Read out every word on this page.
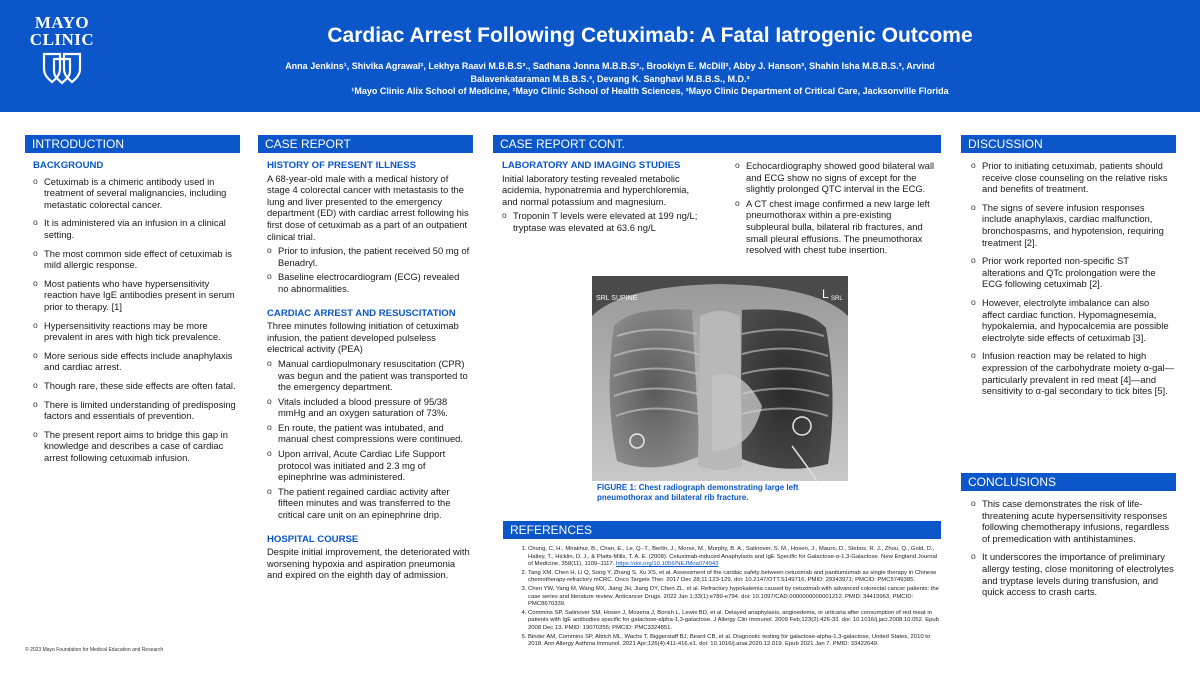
MAYO
CLINIC	Cardiac Arrest Following Cetuximab: A Fatal Iatrogenic Outcome
Anna Jenkins¹, Shivika Agrawal², Lekhya Raavi M.B.B.S³., Sadhana Jonna M.B.B.S³., Brookiyn E. McDill², Abby J. Hanson³, Shahin Isha M.B.B.S.³, Arvind Balavenkataraman M.B.B.S.³, Devang K. Sanghavi M.B.B.S., M.D.³
¹Mayo Clinic Alix School of Medicine, ²Mayo Clinic School of Health Sciences, ³Mayo Clinic Department of Critical Care, Jacksonville Florida
INTRODUCTION
BACKGROUND
o Cetuximab is a chimeric antibody used in treatment of several malignancies, including metastatic colorectal cancer.
o It is administered via an infusion in a clinical setting.
o The most common side effect of cetuximab is mild allergic response.
o Most patients who have hypersensitivity reaction have IgE antibodies present in serum prior to therapy. [1]
o Hypersensitivity reactions may be more prevalent in ares with high tick prevalence.
o More serious side effects include anaphylaxis and cardiac arrest.
o Though rare, these side effects are often fatal.
o There is limited understanding of predisposing factors and essentials of prevention.
o The present report aims to bridge this gap in knowledge and describes a case of cardiac arrest following cetuximab infusion.
CASE REPORT
HISTORY OF PRESENT ILLNESS
A 68-year-old male with a medical history of stage 4 colorectal cancer with metastasis to the lung and liver presented to the emergency department (ED) with cardiac arrest following his first dose of cetuximab as a part of an outpatient clinical trial.
o Prior to infusion, the patient received 50 mg of Benadryl.
o Baseline electrocardiogram (ECG) revealed no abnormalities.
CARDIAC ARREST AND RESUSCITATION
Three minutes following initiation of cetuximab infusion, the patient developed pulseless electrical activity (PEA)
o Manual cardiopulmonary resuscitation (CPR) was begun and the patient was transported to the emergency department.
o Vitals included a blood pressure of 95/38 mmHg and an oxygen saturation of 73%.
o En route, the patient was intubated, and manual chest compressions were continued.
o Upon arrival, Acute Cardiac Life Support protocol was initiated and 2.3 mg of epinephrine was administered.
o The patient regained cardiac activity after fifteen minutes and was transferred to the critical care unit on an epinephrine drip.
HOSPITAL COURSE
Despite initial improvement, the deteriorated with worsening hypoxia and aspiration pneumonia and expired on the eighth day of admission.
CASE REPORT CONT.
LABORATORY AND IMAGING STUDIES
Initial laboratory testing revealed metabolic acidemia, hyponatremia and hyperchloremia, and normal potassium and magnesium.
o Troponin T levels were elevated at 199 ng/L; tryptase was elevated at 63.6 ng/L
o Echocardiography showed good bilateral wall and ECG show no signs of except for the slightly prolonged QTC interval in the ECG.
o A CT chest image confirmed a new large left pneumothorax within a pre-existing subpleural bulla, bilateral rib fractures, and small pleural effusions. The pneumothorax resolved with chest tube insertion.
SRL SUPINE	L SRL
FIGURE 1: Chest radiograph demonstrating large left pneumothorax and bilateral rib fracture.
REFERENCES
1. Chung, C. H., Mirakhur, B., Chan, E., Le, Q.-T., Berlin, J., Morse, M., Murphy, B. A., Satinover, S. M., Hosen, J., Mauro, D., Slebos, R. J., Zhou, Q., Gold, D., Hatley, T., Hicklin, D. J., & Platts-Mills, T. A. E. (2008). Cetuximab-induced Anaphylaxis and IgE Specific for Galactose-α-1,3-Galactose. New England Journal of Medicine, 358(11), 1109–1117. https://doi.org/10.1056/NEJMoa074943
2. Tang XM, Chen H, Li Q, Song Y, Zhang S, Xu XS, et al. Assessment of the cardiac safety between cetuximab and panitumumab as single therapy in Chinese chemotherapy-refractory mCRC. Onco Targets Ther. 2017 Dec 28;11:123-129. doi: 10.2147/OTT.S149716. PMID: 29343971; PMCID: PMC5749385.
3. Chen YW, Yang M, Wang MX, Jiang JH, Jiang DY, Chen ZL, et al. Refractory hypokalemia caused by cetuximab with advanced colorectal cancer patients: the case series and literature review. Anticancer Drugs. 2022 Jan 1;33(1):e789-e794. doi: 10.1097/CAD.0000000000001212. PMID: 34419963; PMCID: PMC8670339.
4. Commins SP, Satinover SM, Hosen J, Mozena J, Borish L, Lewis BD, et al. Delayed anaphylaxis, angioedema, or urticaria after consumption of red meat in patients with IgE antibodies specific for galactose-alpha-1,3-galactose. J Allergy Clin Immunol. 2009 Feb;123(2):426-33. doi: 10.1016/j.jaci.2008.10.052. Epub 2008 Dec 13. PMID: 19070355; PMCID: PMC3324851.
5. Binder AM, Commins SP, Altrich ML, Wachs T, Biggerstaff BJ, Beard CB, et al. Diagnostic testing for galactose-alpha-1,3-galactose, United States, 2010 to 2018. Ann Allergy Asthma Immunol. 2021 Apr;126(4):411-416.e1. doi: 10.1016/j.anai.2020.12.019. Epub 2021 Jan 7. PMID: 33422649.
DISCUSSION
o Prior to initiating cetuximab, patients should receive close counseling on the relative risks and benefits of treatment.
o The signs of severe infusion responses include anaphylaxis, cardiac malfunction, bronchospasms, and hypotension, requiring treatment [2].
o Prior work reported non-specific ST alterations and QTc prolongation were the ECG following cetuximab [2].
o However, electrolyte imbalance can also affect cardiac function. Hypomagnesemia, hypokalemia, and hypocalcemia are possible electrolyte side effects of cetuximab [3].
o Infusion reaction may be related to high expression of the carbohydrate moiety α-gal—particularly prevalent in red meat [4]—and sensitivity to α-gal secondary to tick bites [5].
CONCLUSIONS
o This case demonstrates the risk of life-threatening acute hypersensitivity responses following chemotherapy infusions, regardless of premedication with antihistamines.
o It underscores the importance of preliminary allergy testing, close monitoring of electrolytes and tryptase levels during transfusion, and quick access to crash carts.
© 2023 Mayo Foundation for Medical Education and Research
